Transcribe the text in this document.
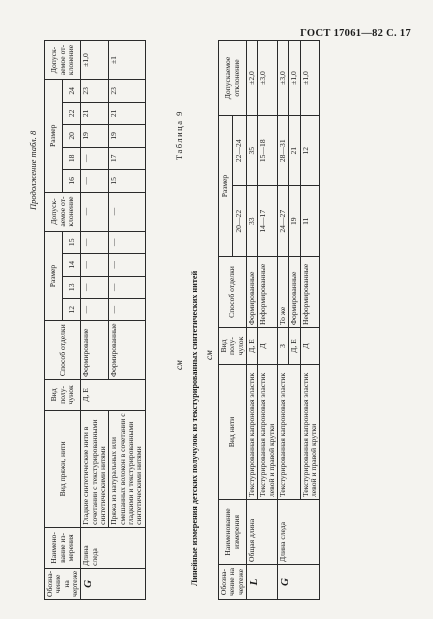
ГОСТ 17061—82 С. 17
Продолжение табл. 8
Обозна-чение на чертеже	Наимено-вание из-мерения	Вид пряжи, нити	Вид полу-чунок	Способ отделки	Размер				Допуск-аемое от-клонение	Размер					Допуск-аемое от-клонение
					12	13	14	15		16	18	20	22	24	
G	Длина следа	Гладкие синтетические нити в сочетании с текстурированными синтетическими нитями	Д, Е	Формирование	—	—	—	—	—	—	—	19	21	23	±1,0
		Пряжа из натуральных или смешанных волокон в сочетании с гладкими и текстурированными синтетическими нитями		Формированные	—	—	—	—	—	15	17	19	21	23	±1
см
Таблица 9
Линейные измерения детских получулок из текстурированных синтетических нитей см
Обозна-чение на чертеже	Наименование измерения	Вид нити	Вид полу-чулок	Способ отделки	Размер		Допускаемое отклонение
					20—22	22—24	
L	Общая длина	Текстурированная капроновая эластик	Д, Е	Формированные	33	35	±2,0
		Текстурированная капроновая эластик левой и правой крутки	Д	Неформированные	14—17	15—18	±3,0
G	Длина следа	Текстурированная капроновая эластик	З	То же	24—27	28—31	±3,0
			Д, Е	Формированные	19	21	±1,0
		Текстурированная капроновая эластик левой и правой крутки	Д	Неформированные	11	12	±1,0
